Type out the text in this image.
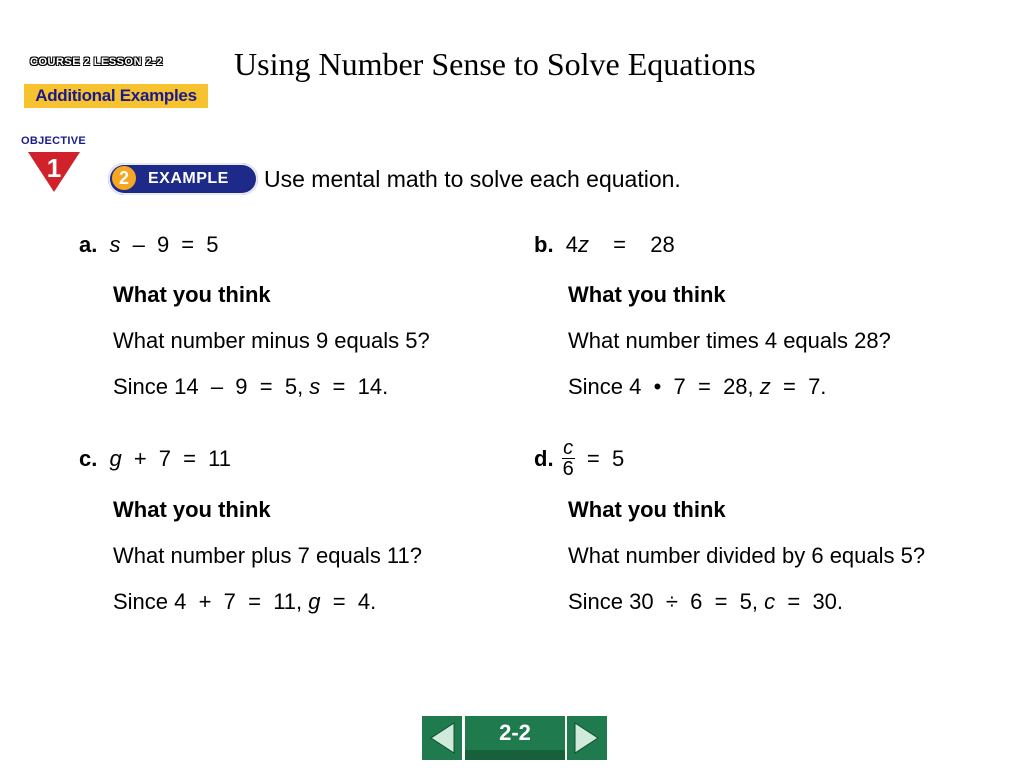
COURSE 2 LESSON 2-2
Additional Examples
Using Number Sense to Solve Equations
OBJECTIVE
1	2	EXAMPLE Use mental math to solve each equation.
a. s – 9 = 5
What you think
What number minus 9 equals 5?
Since 14  –  9  =  5, s  =  14.
b. 4z  =  28
What you think
What number times 4 equals 28?
Since 4  •  7  =  28, z  =  7.
c. g + 7 = 11
What you think
What number plus 7 equals 11?
Since 4  +  7  =  11, g  =  4.
d. $\frac{c}{6} = 5$
What you think
What number divided by 6 equals 5?
Since 30  ÷  6  =  5, c  =  30.
2-2
